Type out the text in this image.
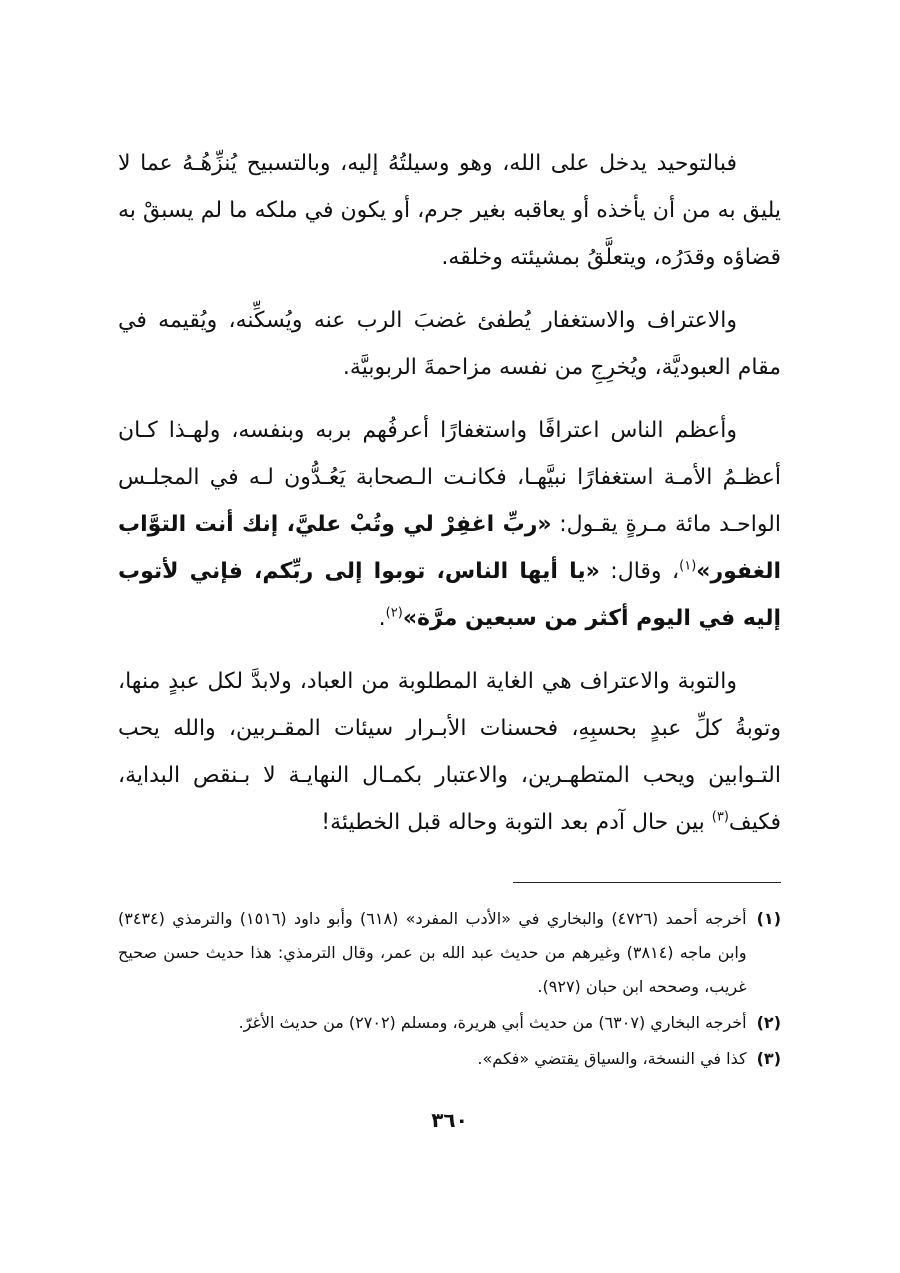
فبالتوحيد يدخل على الله، وهو وسيلتُهُ إليه، وبالتسبيح يُنزِّهُـهُ عما لا يليق به من أن يأخذه أو يعاقبه بغير جرم، أو يكون في ملكه ما لم يسبقْ به قضاؤه وقدَرُه، ويتعلَّقُ بمشيئته وخلقه.

والاعتراف والاستغفار يُطفئ غضبَ الرب عنه ويُسكِّنه، ويُقيمه في مقام العبوديَّة، ويُخرِجِ من نفسه مزاحمةَ الربوبيَّة.

وأعظم الناس اعترافًا واستغفارًا أعرفُهم بربه وبنفسه، ولهـذا كـان أعظـمُ الأمـة استغفارًا نبيَّهـا، فكانـت الـصحابة يَعُـدُّون لـه في المجلـس الواحـد مائة مـرةٍ يقـول: «ربِّ اغفِرْ لي وتُبْ عليَّ، إنك أنت التوَّاب الغفور»$^{(١)}$، وقال: «يا أيها الناس، توبوا إلى ربِّكم، فإني لأتوب إليه في اليوم أكثر من سبعين مرَّة»$^{(٢)}$.

والتوبة والاعتراف هي الغاية المطلوبة من العباد، ولابدَّ لكل عبدٍ منها، وتوبةُ كلِّ عبدٍ بحسبِهِ، فحسنات الأبـرار سيئات المقـربين، والله يحب التـوابين ويحب المتطهـرين، والاعتبار بكمـال النهايـة لا بـنقص البداية، فكيف$^{(٣)}$ بين حال آدم بعد التوبة وحاله قبل الخطيئة!

(١)
أخرجه أحمد (٤٧٢٦) والبخاري في «الأدب المفرد» (٦١٨) وأبو داود (١٥١٦) والترمذي (٣٤٣٤) وابن ماجه (٣٨١٤) وغيرهم من حديث عبد الله بن عمر، وقال الترمذي: هذا حديث حسن صحيح غريب، وصححه ابن حبان (٩٢٧).
(٢)
أخرجه البخاري (٦٣٠٧) من حديث أبي هريرة، ومسلم (٢٧٠٢) من حديث الأغرّ.
(٣)
كذا في النسخة، والسياق يقتضي «فكم».
٣٦٠
